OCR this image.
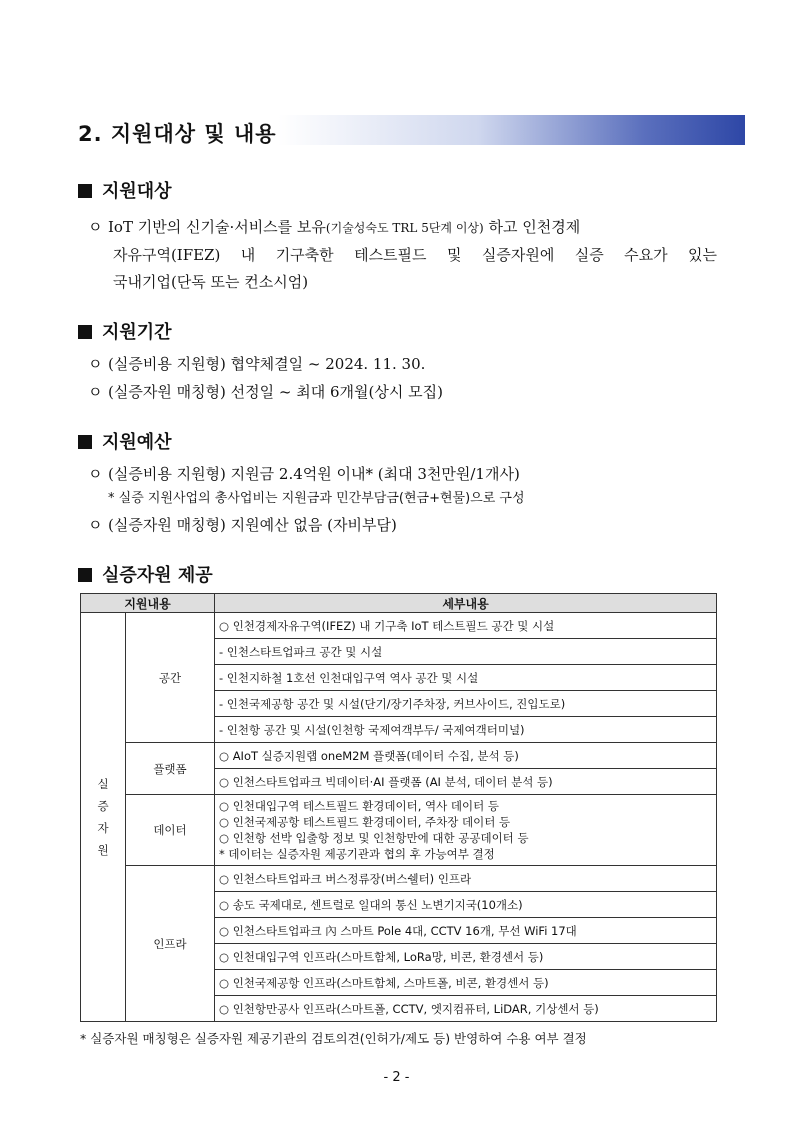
2. 지원대상 및 내용
지원대상
ㅇ IoT 기반의 신기술·서비스를 보유(기술성숙도 TRL 5단계 이상) 하고 인천경제
자유구역(IFEZ) 내 기구축한 테스트필드 및 실증자원에 실증 수요가 있는
국내기업(단독 또는 컨소시엄)
지원기간
ㅇ (실증비용 지원형) 협약체결일 ~ 2024. 11. 30.
ㅇ (실증자원 매칭형) 선정일 ~ 최대 6개월(상시 모집)
지원예산
ㅇ (실증비용 지원형) 지원금 2.4억원 이내* (최대 3천만원/1개사)
* 실증 지원사업의 총사업비는 지원금과 민간부담금(현금+현물)으로 구성
ㅇ (실증자원 매칭형) 지원예산 없음 (자비부담)
실증자원 제공
지원내용		세부내용
실
증
자
원	공간	○ 인천경제자유구역(IFEZ) 내 기구축 IoT 테스트필드 공간 및 시설
		- 인천스타트업파크 공간 및 시설
		- 인천지하철 1호선 인천대입구역 역사 공간 및 시설
		- 인천국제공항 공간 및 시설(단기/장기주차장, 커브사이드, 진입도로)
		- 인천항 공간 및 시설(인천항 국제여객부두/ 국제여객터미널)
	플랫폼	○ AIoT 실증지원랩 oneM2M 플랫폼(데이터 수집, 분석 등)
		○ 인천스타트업파크 빅데이터·AI 플랫폼 (AI 분석, 데이터 분석 등)
	데이터	○ 인천대입구역 테스트필드 환경데이터, 역사 데이터 등
○ 인천국제공항 테스트필드 환경데이터, 주차장 데이터 등
○ 인천항 선박 입출항 정보 및 인천항만에 대한 공공데이터 등
* 데이터는 실증자원 제공기관과 협의 후 가능여부 결정

	인프라	○ 인천스타트업파크 버스정류장(버스쉘터) 인프라
		○ 송도 국제대로, 센트럴로 일대의 통신 노변기지국(10개소)
		○ 인천스타트업파크 內 스마트 Pole 4대, CCTV 16개, 무선 WiFi 17대
		○ 인천대입구역 인프라(스마트함체, LoRa망, 비콘, 환경센서 등)
		○ 인천국제공항 인프라(스마트함체, 스마트폴, 비콘, 환경센서 등)
		○ 인천항만공사 인프라(스마트폴, CCTV, 엣지컴퓨터, LiDAR, 기상센서 등)
* 실증자원 매칭형은 실증자원 제공기관의 검토의견(인허가/제도 등) 반영하여 수용 여부 결정
- 2 -
